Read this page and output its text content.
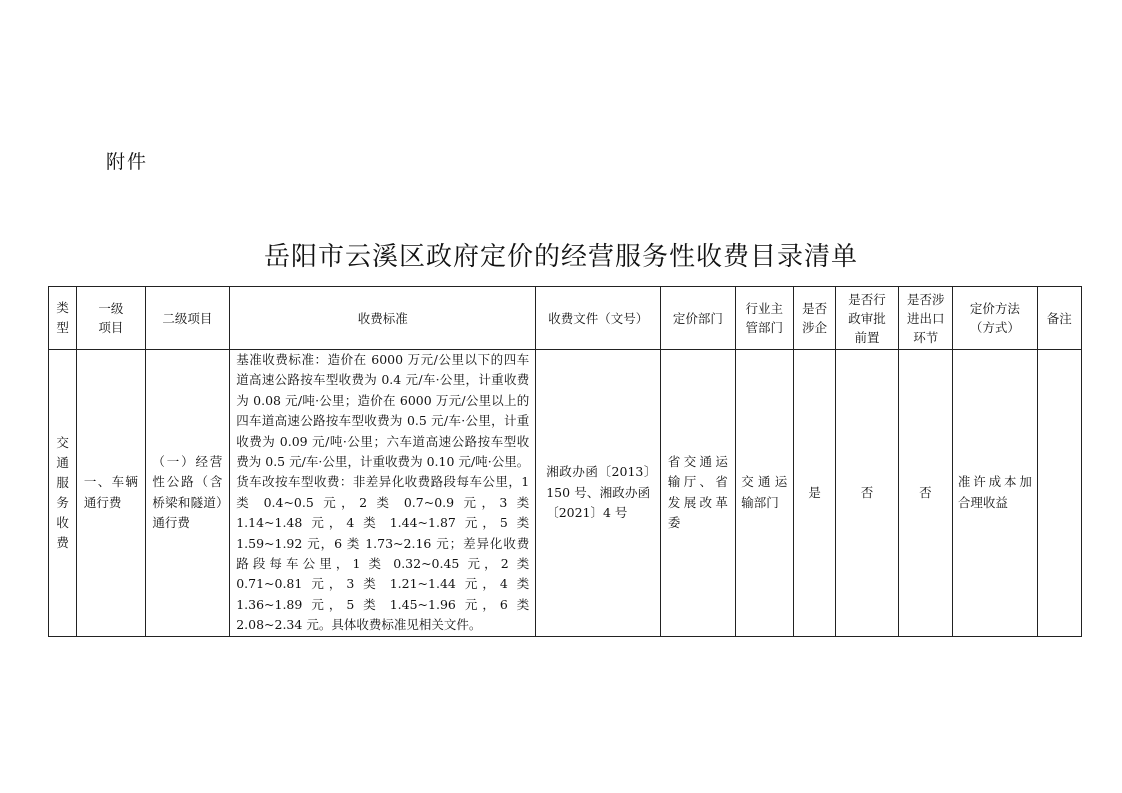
附件
岳阳市云溪区政府定价的经营服务性收费目录清单
类型	一级项目	二级项目	收费标准	收费文件（文号）	定价部门	行业主管部门	是否涉企	是否行政审批前置	是否涉进出口环节	定价方法（方式）	备注

交通服务收费	一、车辆通行费	（一）经营性公路（含桥梁和隧道）通行费	基准收费标准：造价在 6000 万元/公里以下的四车道高速公路按车型收费为 0.4 元/车·公里，计重收费为 0.08 元/吨·公里；造价在 6000 万元/公里以上的四车道高速公路按车型收费为 0.5 元/车·公里，计重收费为 0.09 元/吨·公里；六车道高速公路按车型收费为 0.5 元/车·公里，计重收费为 0.10 元/吨·公里。货车改按车型收费：非差异化收费路段每车公里，1 类 0.4~0.5 元，2 类 0.7~0.9 元，3 类 1.14~1.48 元，4 类 1.44~1.87 元，5 类 1.59~1.92 元，6 类 1.73~2.16 元；差异化收费路段每车公里，1 类 0.32~0.45 元，2 类 0.71~0.81 元，3 类 1.21~1.44 元，4 类 1.36~1.89 元，5 类 1.45~1.96 元，6 类 2.08~2.34 元。具体收费标准见相关文件。	湘政办函〔2013〕150 号、湘政办函〔2021〕4 号	省交通运输厅、省发展改革委	交通运输部门	是	否	否	准许成本加合理收益	
